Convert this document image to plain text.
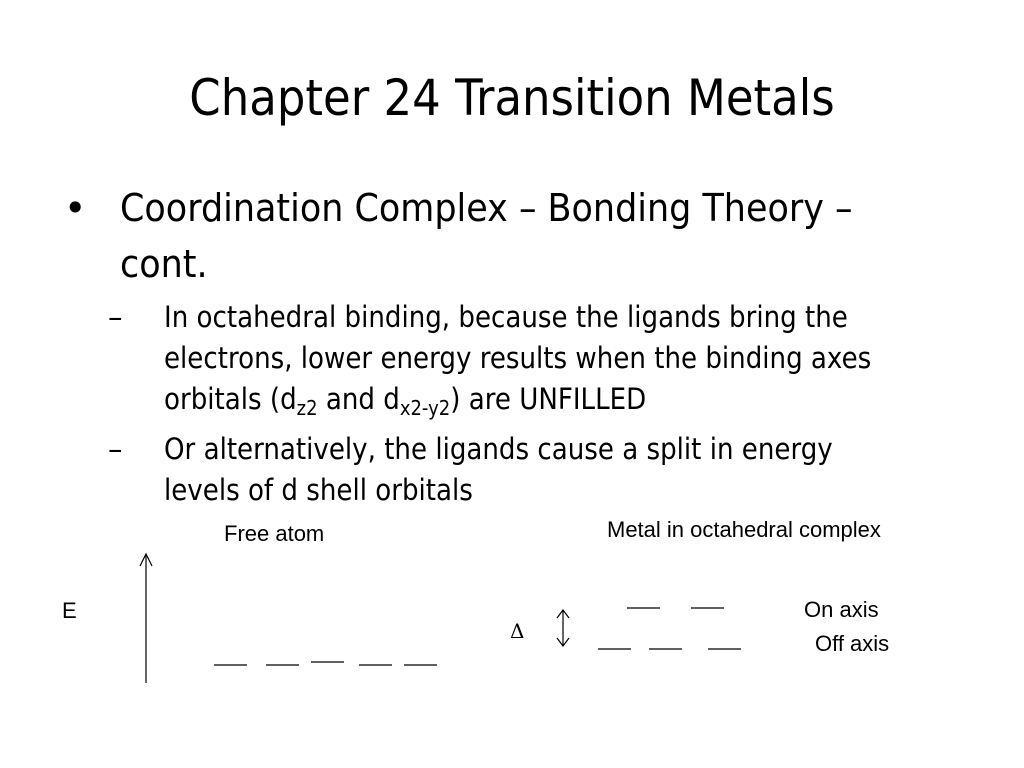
Chapter 24 Transition Metals
• Coordination Complex – Bonding Theory –
cont.
– In octahedral binding, because the ligands bring the
electrons, lower energy results when the binding axes
orbitals ($d_{z2}$ and $d_{x2-y2}$) are UNFILLED
– Or alternatively, the ligands cause a split in energy
levels of d shell orbitals
Free atom	Metal in octahedral complex
E
Δ
On axis
Off axis
